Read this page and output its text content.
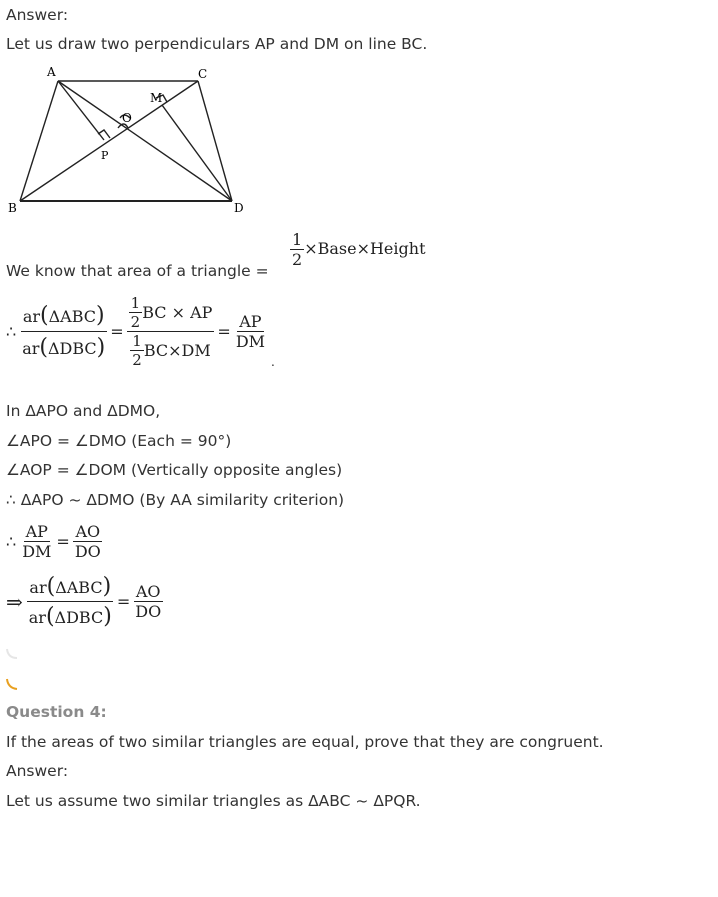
Answer:
Let us draw two perpendiculars AP and DM on line BC.
A	C
B	D
O
M
P
We know that area of a triangle =
$\frac{1}{2}$ ×Base×Height
∴ $\frac{\text{ar(ΔABC)}}{\text{ar(ΔDBC)}} = \frac{\frac{1}{2} BC \times AP}{\frac{1}{2} BC\times DM} = \frac{AP}{DM}$
.
In ΔAPO and ΔDMO,
∠APO = ∠DMO (Each = 90°)
∠AOP = ∠DOM (Vertically opposite angles)
∴ ΔAPO ~ ΔDMO (By AA similarity criterion)
∴ $\frac{AP}{DM} = \frac{AO}{DO}$
⇒ $\frac{\text{ar(ΔABC)}}{\text{ar(ΔDBC)}} = \frac{AO}{DO}$
Question 4:
If the areas of two similar triangles are equal, prove that they are congruent.
Answer:
Let us assume two similar triangles as ΔABC ~ ΔPQR.
